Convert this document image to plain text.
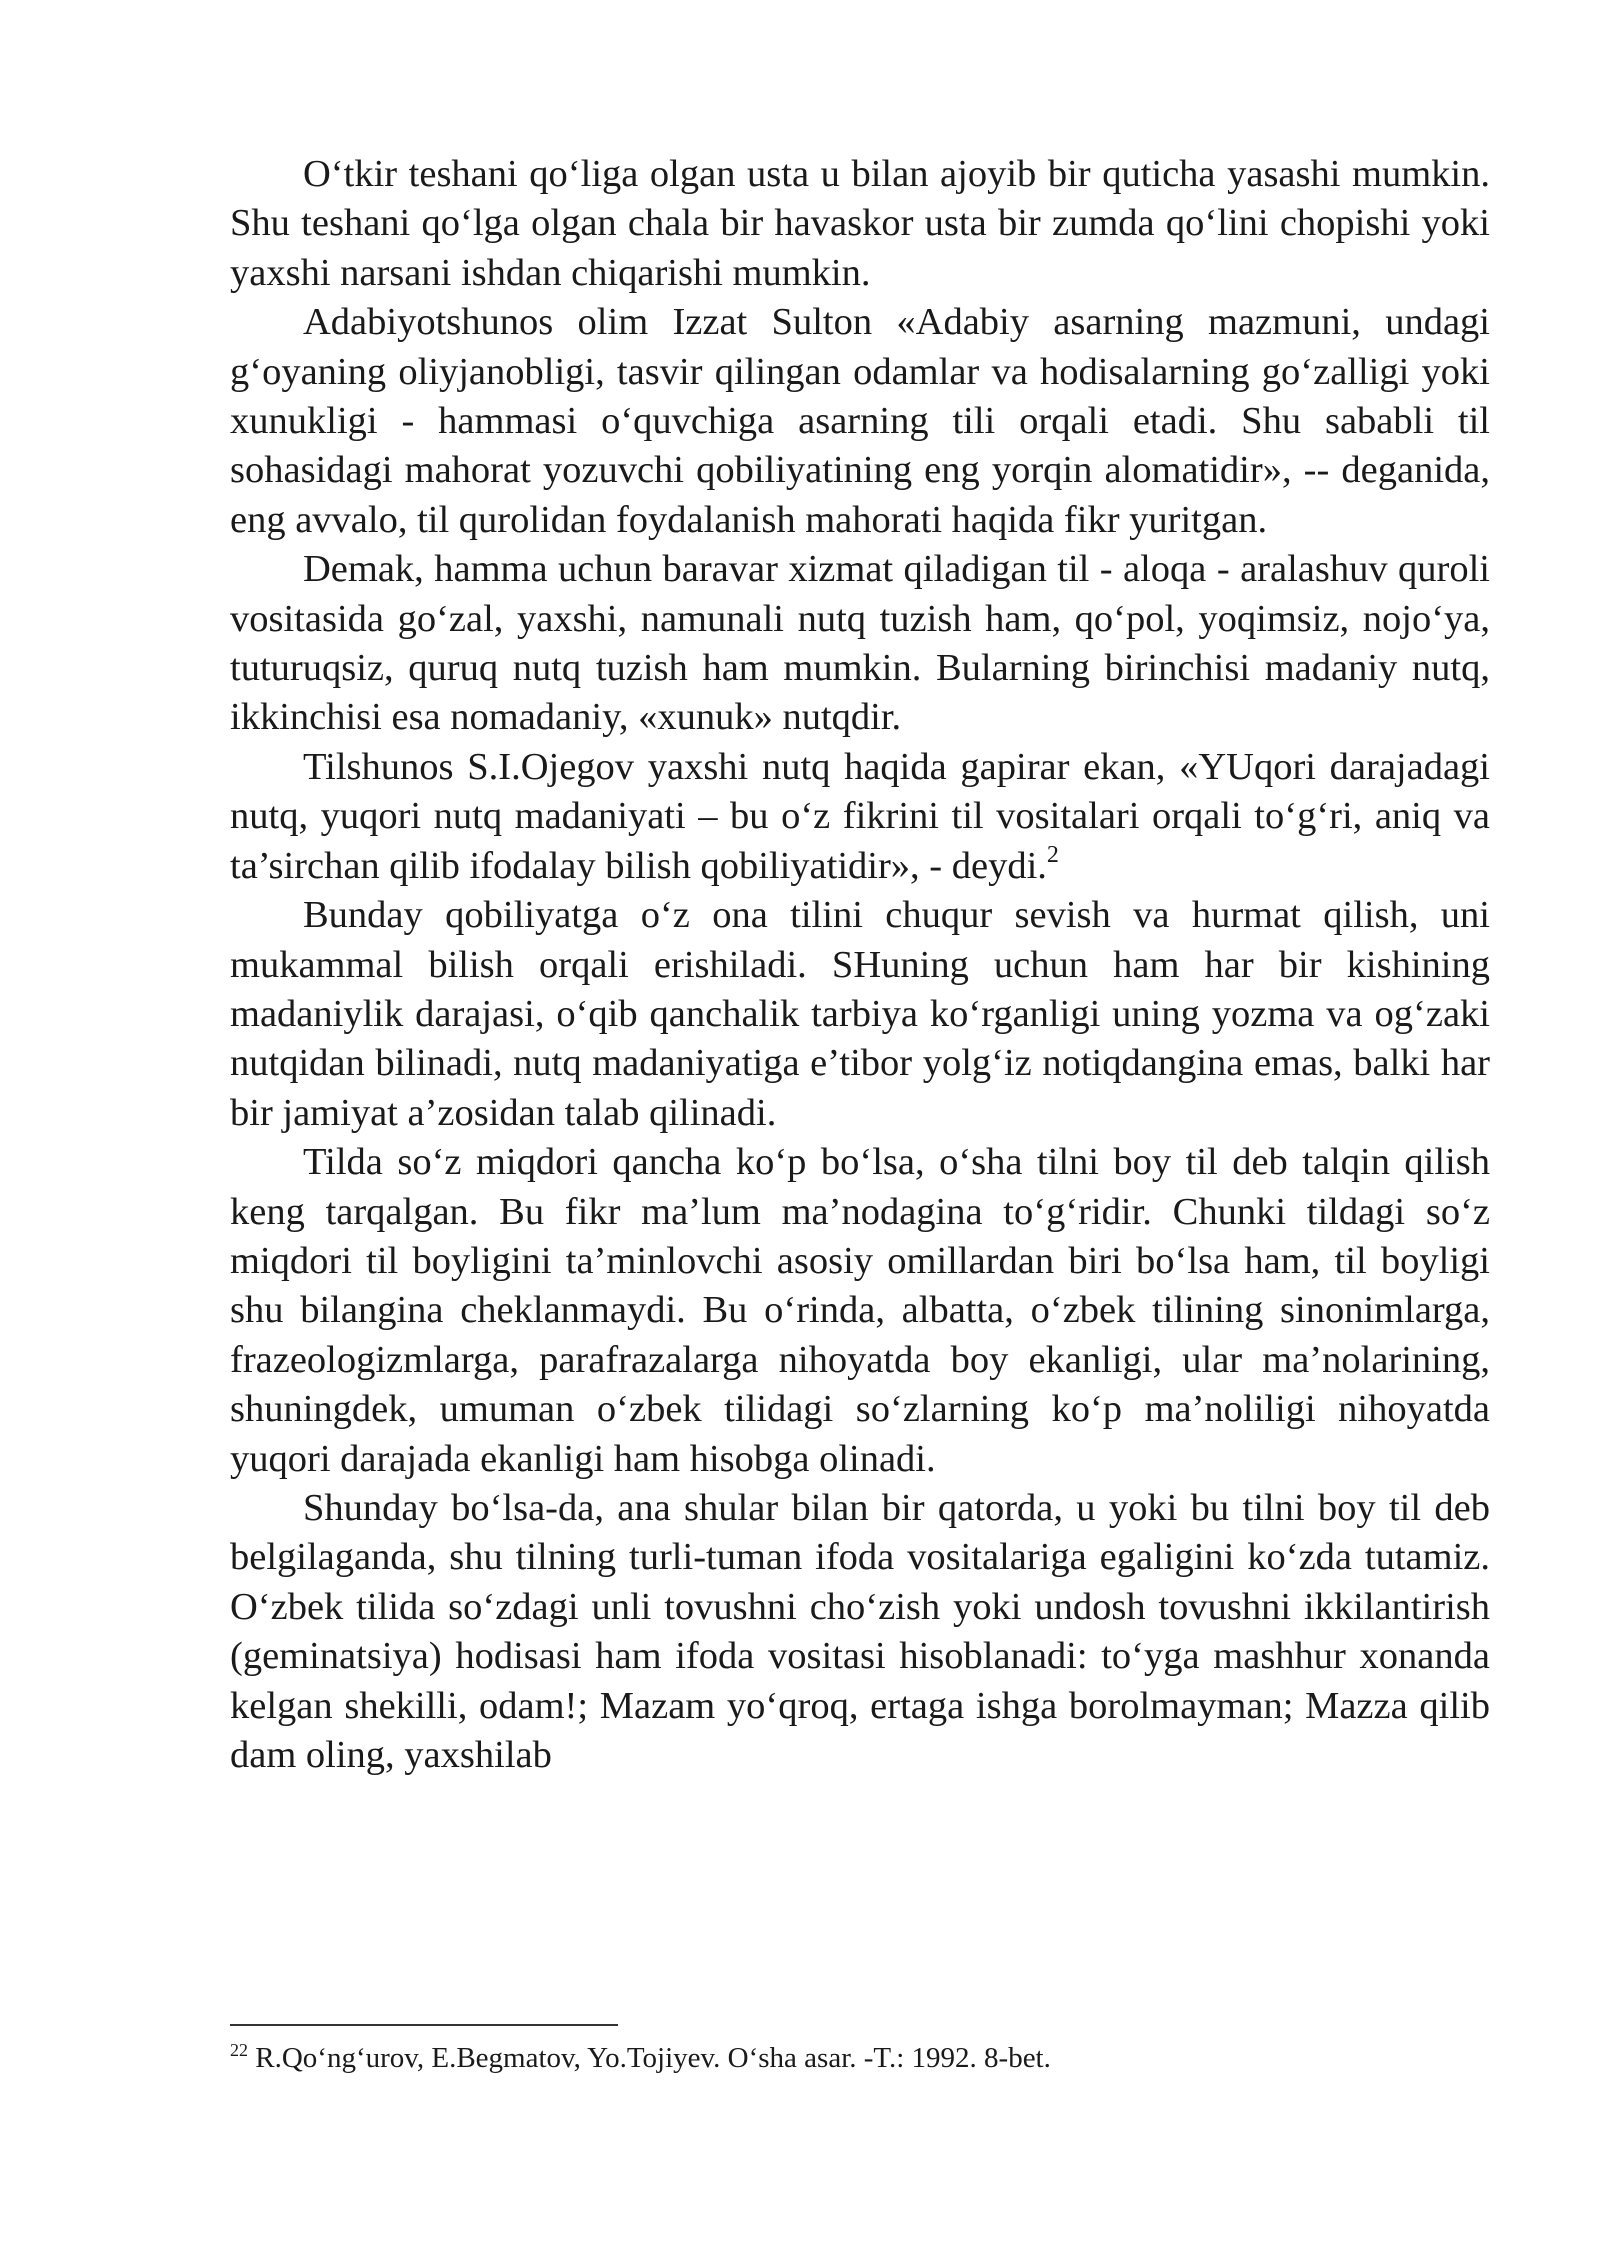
O‘tkir teshani qo‘liga olgan usta u bilan ajoyib bir quticha yasashi mumkin. Shu teshani qo‘lga olgan chala bir havaskor usta bir zumda qo‘lini chopishi yoki yaxshi narsani ishdan chiqarishi mumkin.

Adabiyotshunos olim Izzat Sulton «Adabiy asarning mazmuni, undagi g‘oyaning oliyjanobligi, tasvir qilingan odamlar va hodisalarning go‘zalligi yoki xunukligi - hammasi o‘quvchiga asarning tili orqali etadi. Shu sababli til sohasidagi mahorat yozuvchi qobiliyatining eng yorqin alomatidir», -- deganida, eng avvalo, til qurolidan foydalanish mahorati haqida fikr yuritgan.

Demak, hamma uchun baravar xizmat qiladigan til - aloqa - aralashuv quroli vositasida go‘zal, yaxshi, namunali nutq tuzish ham, qo‘pol, yoqimsiz, nojo‘ya, tuturuqsiz, quruq nutq tuzish ham mumkin. Bularning birinchisi madaniy nutq, ikkinchisi esa nomadaniy, «xunuk» nutqdir.

Tilshunos S.I.Ojegov yaxshi nutq haqida gapirar ekan, «YUqori darajadagi nutq, yuqori nutq madaniyati – bu o‘z fikrini til vositalari orqali to‘g‘ri, aniq va ta’sirchan qilib ifodalay bilish qobiliyatidir», - deydi.$^2$

Bunday qobiliyatga o‘z ona tilini chuqur sevish va hurmat qilish, uni mukammal bilish orqali erishiladi. SHuning uchun ham har bir kishining madaniylik darajasi, o‘qib qanchalik tarbiya ko‘rganligi uning yozma va og‘zaki nutqidan bilinadi, nutq madaniyatiga e’tibor yolg‘iz notiqdangina emas, balki har bir jamiyat a’zosidan talab qilinadi.

Tilda so‘z miqdori qancha ko‘p bo‘lsa, o‘sha tilni boy til deb talqin qilish keng tarqalgan. Bu fikr ma’lum ma’nodagina to‘g‘ridir. Chunki tildagi so‘z miqdori til boyligini ta’minlovchi asosiy omillardan biri bo‘lsa ham, til boyligi shu bilangina cheklanmaydi. Bu o‘rinda, albatta, o‘zbek tilining sinonimlarga, frazeologizmlarga, parafrazalarga nihoyatda boy ekanligi, ular ma’nolarining, shuningdek, umuman o‘zbek tilidagi so‘zlarning ko‘p ma’noliligi nihoyatda yuqori darajada ekanligi ham hisobga olinadi.

Shunday bo‘lsa-da, ana shular bilan bir qatorda, u yoki bu tilni boy til deb belgilaganda, shu tilning turli-tuman ifoda vositalariga egaligini ko‘zda tutamiz. O‘zbek tilida so‘zdagi unli tovushni cho‘zish yoki undosh tovushni ikkilantirish (geminatsiya) hodisasi ham ifoda vositasi hisoblanadi: to‘yga mashhur xonanda kelgan shekilli, odam!; Mazam yo‘qroq, ertaga ishga borolmayman; Mazza qilib dam oling, yaxshilab

$^{22}$ R.Qo‘ng‘urov, E.Begmatov, Yo.Tojiyev. O‘sha asar. -T.: 1992. 8-bet.
